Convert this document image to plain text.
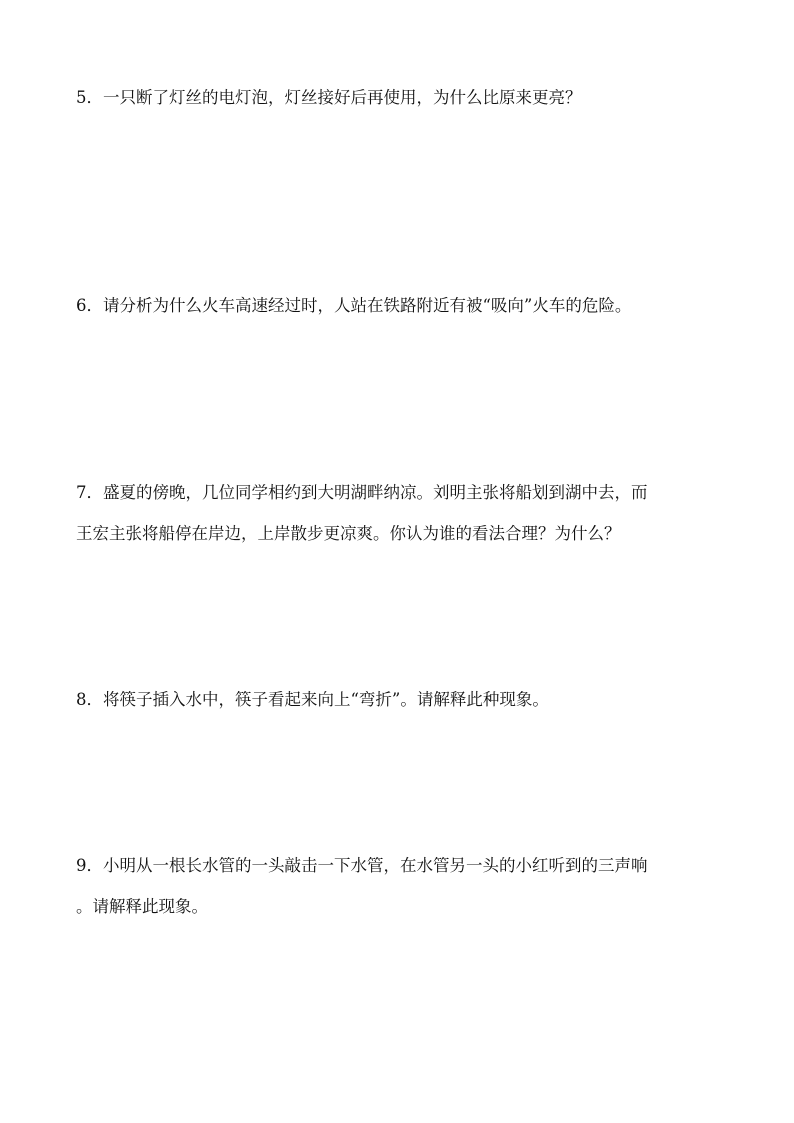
5．一只断了灯丝的电灯泡，灯丝接好后再使用，为什么比原来更亮？
6．请分析为什么火车高速经过时，人站在铁路附近有被“吸向”火车的危险。
7．盛夏的傍晚，几位同学相约到大明湖畔纳凉。刘明主张将船划到湖中去，而
王宏主张将船停在岸边，上岸散步更凉爽。你认为谁的看法合理？为什么？
8．将筷子插入水中，筷子看起来向上“弯折”。请解释此种现象。
9．小明从一根长水管的一头敲击一下水管，在水管另一头的小红听到的三声响
。请解释此现象。
